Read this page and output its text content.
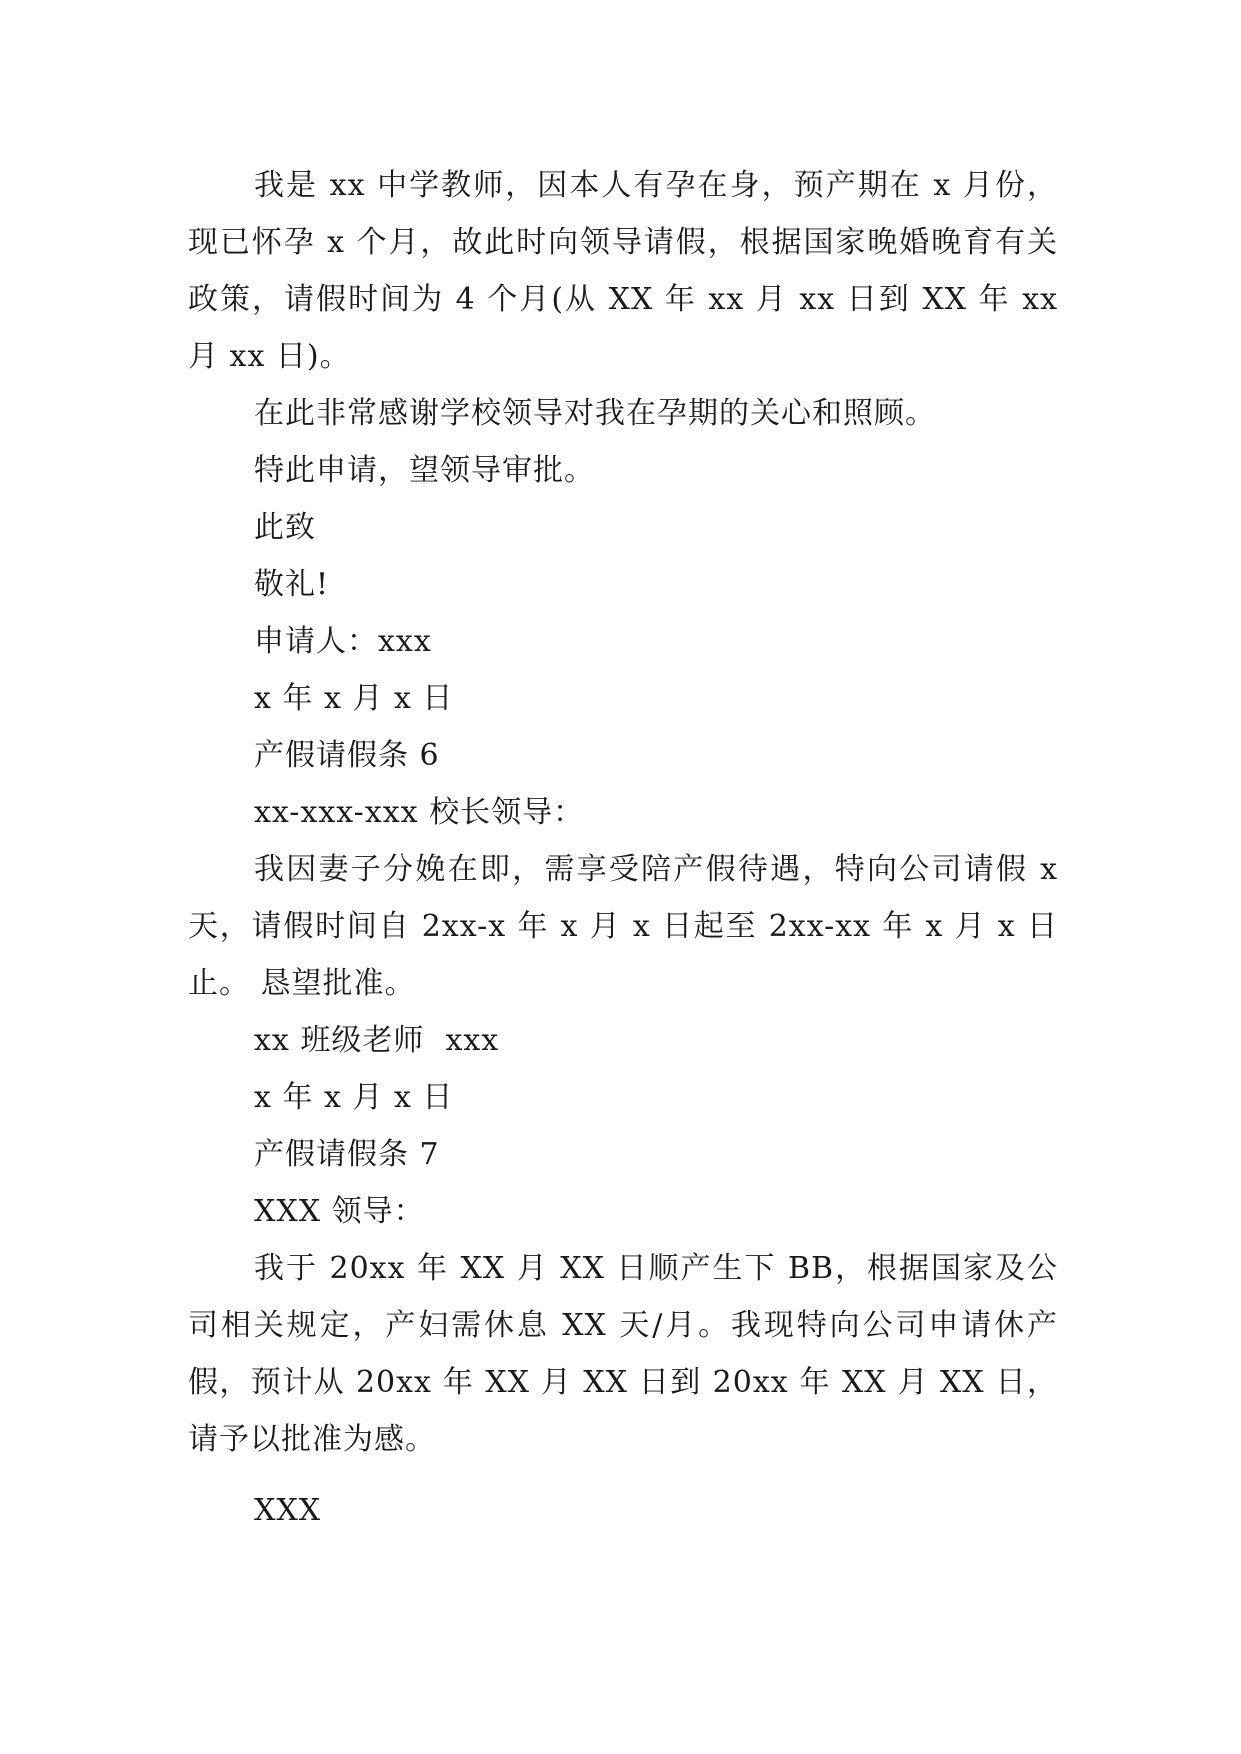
我是 xx 中学教师，因本人有孕在身，预产期在 x 月份，现已怀孕 x 个月，故此时向领导请假，根据国家晚婚晚育有关政策，请假时间为 4 个月(从 XX 年 xx 月 xx 日到 XX 年 xx 月 xx 日)。

在此非常感谢学校领导对我在孕期的关心和照顾。

特此申请，望领导审批。

此致

敬礼!

申请人：xxx

x 年 x 月 x 日

产假请假条 6

xx-xxx-xxx 校长领导：

我因妻子分娩在即，需享受陪产假待遇，特向公司请假 x 天，请假时间自 2xx-x 年 x 月 x 日起至 2xx-xx 年 x 月 x 日止。 恳望批准。

xx 班级老师  xxx

x 年 x 月 x 日

产假请假条 7

XXX 领导：

我于 20xx 年 XX 月 XX 日顺产生下 BB，根据国家及公司相关规定，产妇需休息 XX 天/月。我现特向公司申请休产假，预计从 20xx 年 XX 月 XX 日到 20xx 年 XX 月 XX 日，请予以批准为感。

XXX
